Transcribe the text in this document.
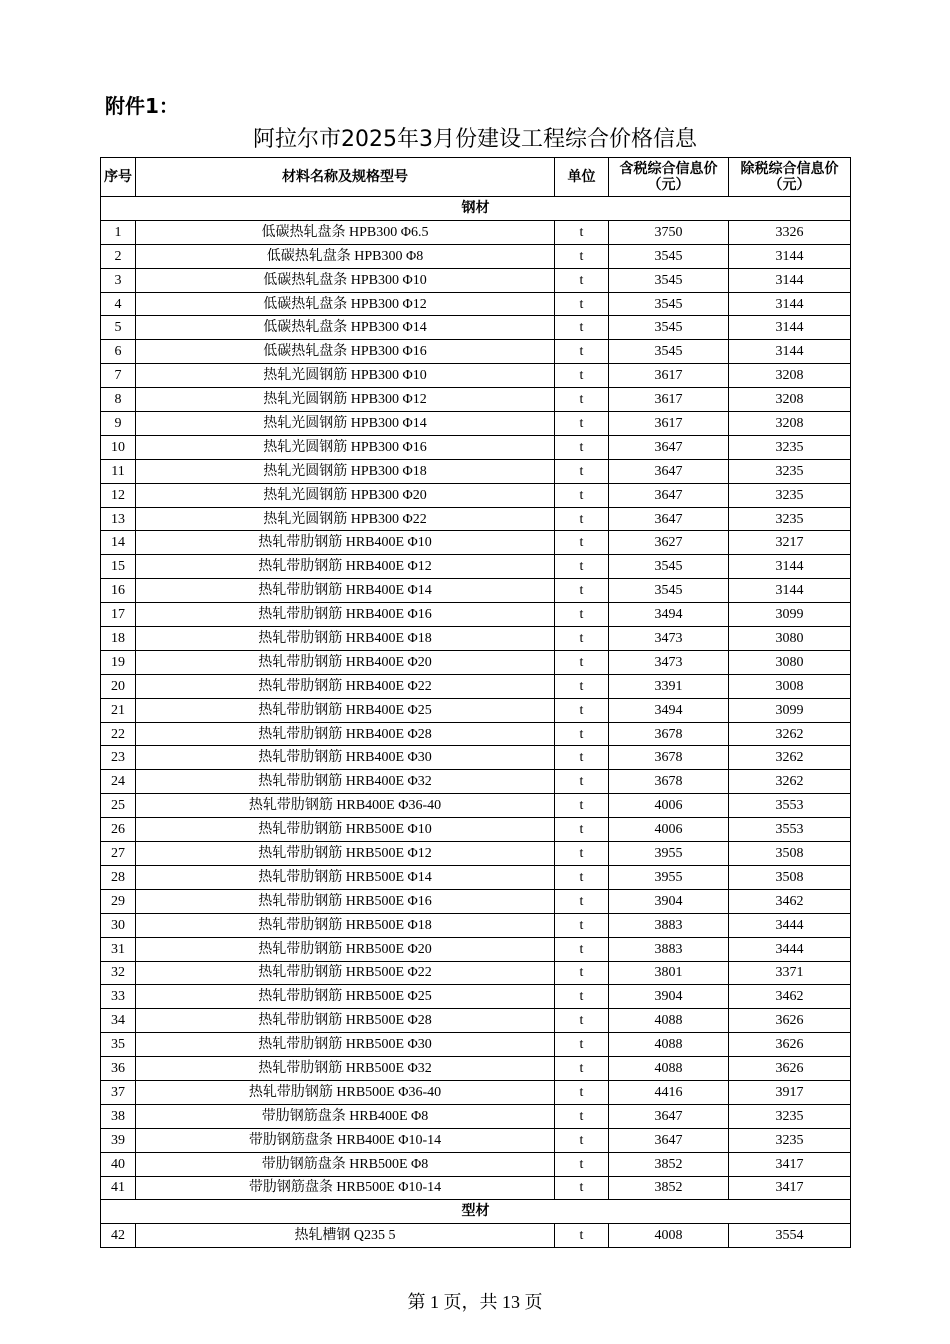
附件1：
阿拉尔市2025年3月份建设工程综合价格信息
序号	材料名称及规格型号	单位	含税综合信息价（元）	除税综合信息价（元）
钢材				
1	低碳热轧盘条 HPB300 Φ6.5	t	3750	3326
2	低碳热轧盘条 HPB300 Φ8	t	3545	3144
3	低碳热轧盘条 HPB300 Φ10	t	3545	3144
4	低碳热轧盘条 HPB300 Φ12	t	3545	3144
5	低碳热轧盘条 HPB300 Φ14	t	3545	3144
6	低碳热轧盘条 HPB300 Φ16	t	3545	3144
7	热轧光圆钢筋 HPB300 Φ10	t	3617	3208
8	热轧光圆钢筋 HPB300 Φ12	t	3617	3208
9	热轧光圆钢筋 HPB300 Φ14	t	3617	3208
10	热轧光圆钢筋 HPB300 Φ16	t	3647	3235
11	热轧光圆钢筋 HPB300 Φ18	t	3647	3235
12	热轧光圆钢筋 HPB300 Φ20	t	3647	3235
13	热轧光圆钢筋 HPB300 Φ22	t	3647	3235
14	热轧带肋钢筋 HRB400E Φ10	t	3627	3217
15	热轧带肋钢筋 HRB400E Φ12	t	3545	3144
16	热轧带肋钢筋 HRB400E Φ14	t	3545	3144
17	热轧带肋钢筋 HRB400E Φ16	t	3494	3099
18	热轧带肋钢筋 HRB400E Φ18	t	3473	3080
19	热轧带肋钢筋 HRB400E Φ20	t	3473	3080
20	热轧带肋钢筋 HRB400E Φ22	t	3391	3008
21	热轧带肋钢筋 HRB400E Φ25	t	3494	3099
22	热轧带肋钢筋 HRB400E Φ28	t	3678	3262
23	热轧带肋钢筋 HRB400E Φ30	t	3678	3262
24	热轧带肋钢筋 HRB400E Φ32	t	3678	3262
25	热轧带肋钢筋 HRB400E Φ36-40	t	4006	3553
26	热轧带肋钢筋 HRB500E Φ10	t	4006	3553
27	热轧带肋钢筋 HRB500E Φ12	t	3955	3508
28	热轧带肋钢筋 HRB500E Φ14	t	3955	3508
29	热轧带肋钢筋 HRB500E Φ16	t	3904	3462
30	热轧带肋钢筋 HRB500E Φ18	t	3883	3444
31	热轧带肋钢筋 HRB500E Φ20	t	3883	3444
32	热轧带肋钢筋 HRB500E Φ22	t	3801	3371
33	热轧带肋钢筋 HRB500E Φ25	t	3904	3462
34	热轧带肋钢筋 HRB500E Φ28	t	4088	3626
35	热轧带肋钢筋 HRB500E Φ30	t	4088	3626
36	热轧带肋钢筋 HRB500E Φ32	t	4088	3626
37	热轧带肋钢筋 HRB500E Φ36-40	t	4416	3917
38	带肋钢筋盘条 HRB400E Φ8	t	3647	3235
39	带肋钢筋盘条 HRB400E Φ10-14	t	3647	3235
40	带肋钢筋盘条 HRB500E Φ8	t	3852	3417
41	带肋钢筋盘条 HRB500E Φ10-14	t	3852	3417
型材				
42	热轧槽钢 Q235 5	t	4008	3554
第 1 页，共 13 页
